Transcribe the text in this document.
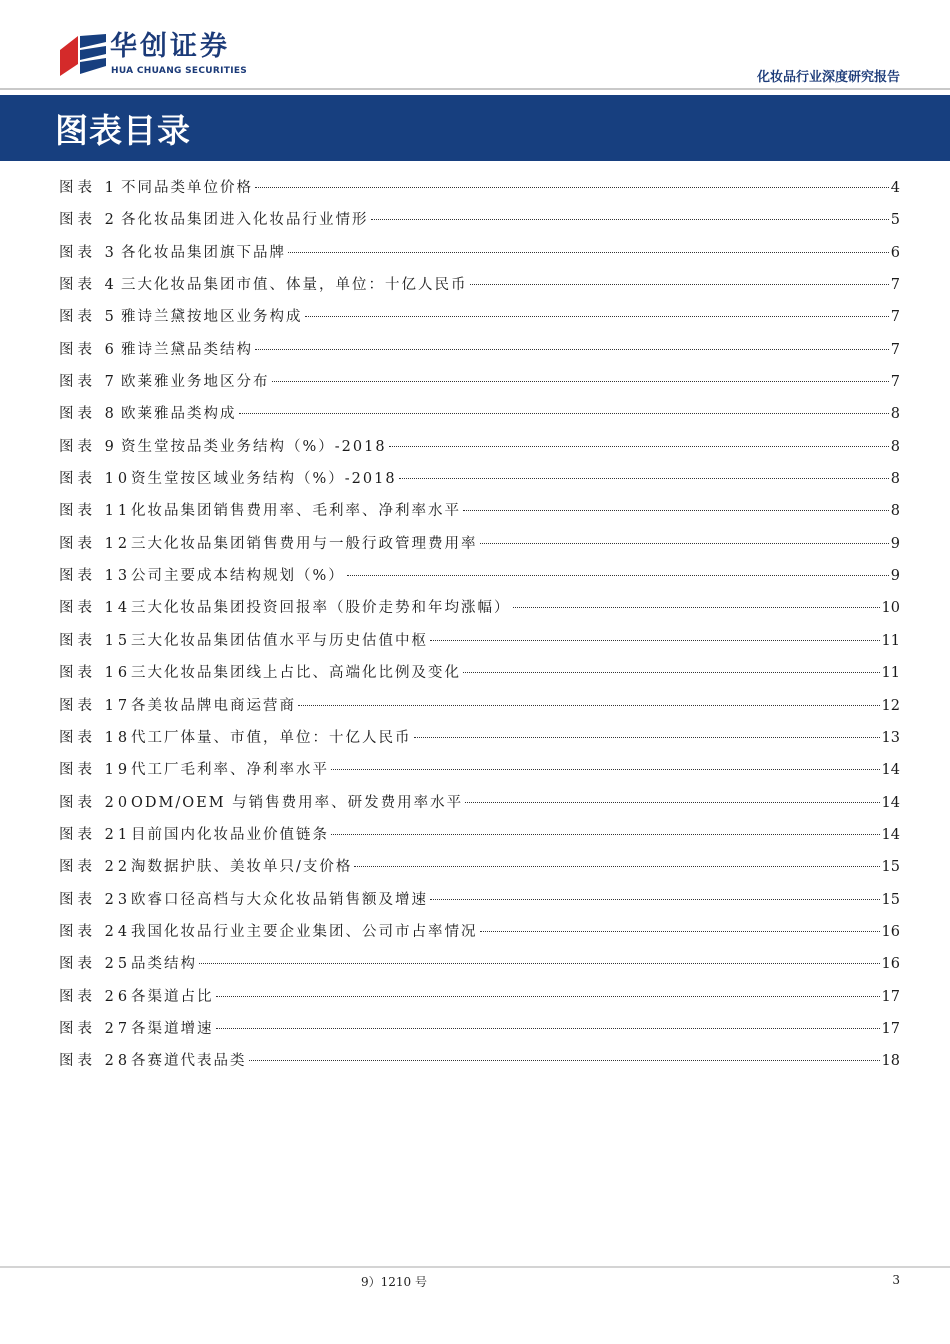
华创证券
HUA CHUANG SECURITIES	化妆品行业深度研究报告
图表目录
图表 1 不同品类单位价格	4
图表 2 各化妆品集团进入化妆品行业情形	5
图表 3 各化妆品集团旗下品牌	6
图表 4 三大化妆品集团市值、体量，单位：十亿人民币	7
图表 5 雅诗兰黛按地区业务构成	7
图表 6 雅诗兰黛品类结构	7
图表 7 欧莱雅业务地区分布	7
图表 8 欧莱雅品类构成	8
图表 9 资生堂按品类业务结构（%）-2018	8
图表 10 资生堂按区域业务结构（%）-2018	8
图表 11 化妆品集团销售费用率、毛利率、净利率水平	8
图表 12 三大化妆品集团销售费用与一般行政管理费用率	9
图表 13 公司主要成本结构规划（%）	9
图表 14 三大化妆品集团投资回报率（股价走势和年均涨幅）	10
图表 15 三大化妆品集团估值水平与历史估值中枢	11
图表 16 三大化妆品集团线上占比、高端化比例及变化	11
图表 17 各美妆品牌电商运营商	12
图表 18 代工厂体量、市值，单位：十亿人民币	13
图表 19 代工厂毛利率、净利率水平	14
图表 20 ODM/OEM 与销售费用率、研发费用率水平	14
图表 21 目前国内化妆品业价值链条	14
图表 22 淘数据护肤、美妆单只/支价格	15
图表 23 欧睿口径高档与大众化妆品销售额及增速	15
图表 24 我国化妆品行业主要企业集团、公司市占率情况	16
图表 25 品类结构	16
图表 26 各渠道占比	17
图表 27 各渠道增速	17
图表 28 各赛道代表品类	18
9）1210 号	3
